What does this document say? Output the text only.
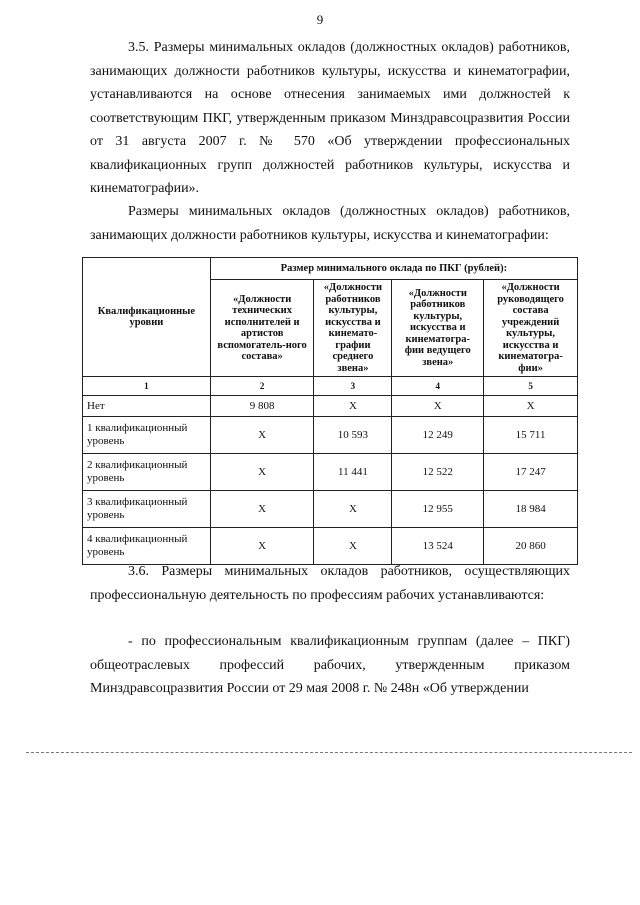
9

3.5. Размеры минимальных окладов (должностных окладов) работников, занимающих должности работников культуры, искусства и кинематографии, устанавливаются на основе отнесения занимаемых ими должностей к соответствующим ПКГ, утвержденным приказом Минздравсоцразвития России от 31 августа 2007 г. № 570 «Об утверждении профессиональных квалификационных групп должностей работников культуры, искусства и кинематографии».

Размеры минимальных окладов (должностных окладов) работников, занимающих должности работников культуры, искусства и кинематографии:

Квалификационные уровни	Размер минимального оклада по ПКГ (рублей):			
	«Должности технических исполнителей и артистов вспомогатель-ного состава»	«Должности работников культуры, искусства и кинемато-графии среднего звена»	«Должности работников культуры, искусства и кинематогра-фии ведущего звена»	«Должности руководящего состава учреждений культуры, искусства и кинематогра-фии»
1	2	3	4	5
Нет	9 808	Х	Х	Х
1 квалификационный уровень	Х	10 593	12 249	15 711
2 квалификационный уровень	Х	11 441	12 522	17 247
3 квалификационный уровень	Х	Х	12 955	18 984
4 квалификационный уровень	Х	Х	13 524	20 860

3.6. Размеры минимальных окладов работников, осуществляющих профессиональную деятельность по профессиям рабочих устанавливаются:

- по профессиональным квалификационным группам (далее – ПКГ) общеотраслевых профессий рабочих, утвержденным приказом Минздравсоцразвития России от 29 мая 2008 г. № 248н «Об утверждении
